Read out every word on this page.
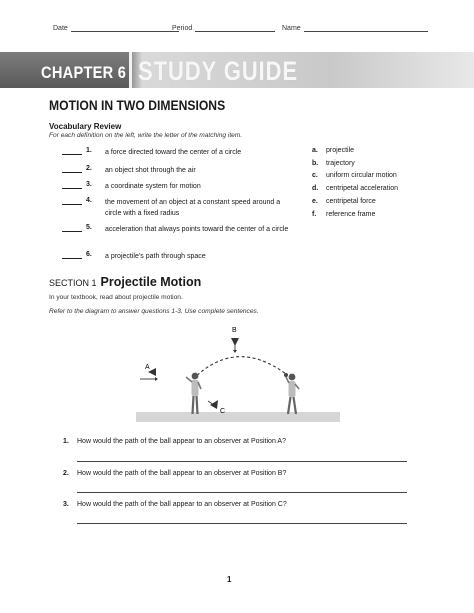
Date	Period	Name
CHAPTER 6 STUDY GUIDE
MOTION IN TWO DIMENSIONS
Vocabulary Review
For each definition on the left, write the letter of the matching item.
1. a force directed toward the center of a circle
2. an object shot through the air
3. a coordinate system for motion
4. the movement of an object at a constant speed around a circle with a fixed radius
5. acceleration that always points toward the center of a circle
6. a projectile’s path through space
a. projectile
b. trajectory
c. uniform circular motion
d. centripetal acceleration
e. centripetal force
f. reference frame
SECTION 1 Projectile Motion
In your textbook, read about projectile motion.
Refer to the diagram to answer questions 1-3. Use complete sentences.
A
B
C
1. How would the path of the ball appear to an observer at Position A?
2. How would the path of the ball appear to an observer at Position B?
3. How would the path of the ball appear to an observer at Position C?
1
